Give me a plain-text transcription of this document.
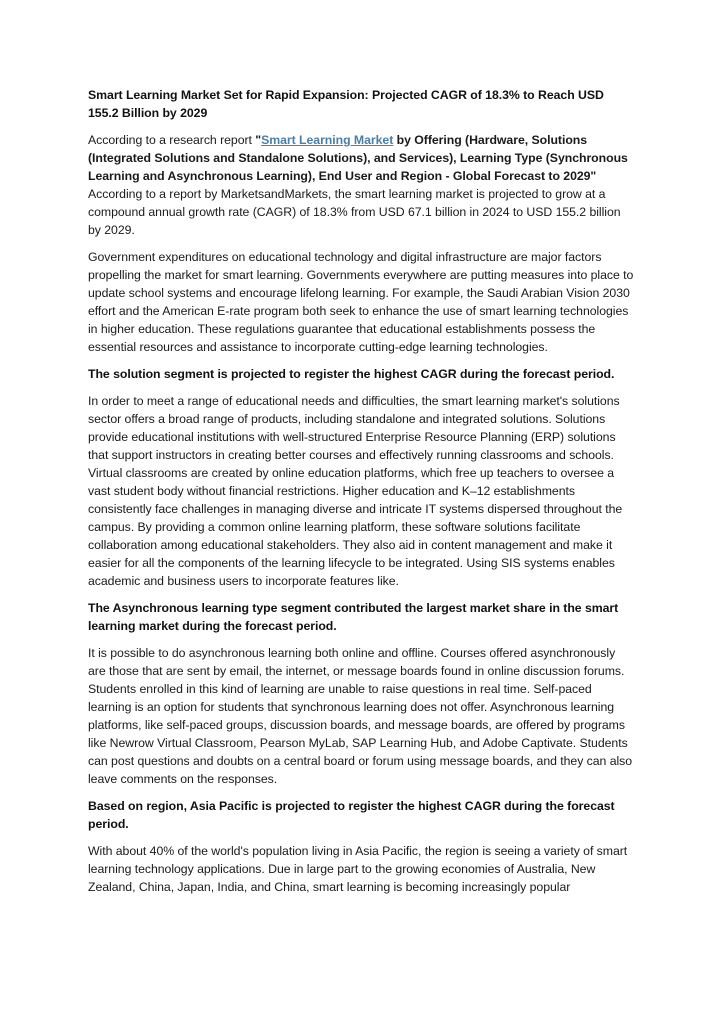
Smart Learning Market Set for Rapid Expansion: Projected CAGR of 18.3% to Reach USD 155.2 Billion by 2029

According to a research report "Smart Learning Market by Offering (Hardware, Solutions (Integrated Solutions and Standalone Solutions), and Services), Learning Type (Synchronous Learning and Asynchronous Learning), End User and Region - Global Forecast to 2029" According to a report by MarketsandMarkets, the smart learning market is projected to grow at a compound annual growth rate (CAGR) of 18.3% from USD 67.1 billion in 2024 to USD 155.2 billion by 2029.

Government expenditures on educational technology and digital infrastructure are major factors propelling the market for smart learning. Governments everywhere are putting measures into place to update school systems and encourage lifelong learning. For example, the Saudi Arabian Vision 2030 effort and the American E-rate program both seek to enhance the use of smart learning technologies in higher education. These regulations guarantee that educational establishments possess the essential resources and assistance to incorporate cutting-edge learning technologies.

The solution segment is projected to register the highest CAGR during the forecast period.

In order to meet a range of educational needs and difficulties, the smart learning market's solutions sector offers a broad range of products, including standalone and integrated solutions. Solutions provide educational institutions with well-structured Enterprise Resource Planning (ERP) solutions that support instructors in creating better courses and effectively running classrooms and schools. Virtual classrooms are created by online education platforms, which free up teachers to oversee a vast student body without financial restrictions. Higher education and K–12 establishments consistently face challenges in managing diverse and intricate IT systems dispersed throughout the campus. By providing a common online learning platform, these software solutions facilitate collaboration among educational stakeholders. They also aid in content management and make it easier for all the components of the learning lifecycle to be integrated. Using SIS systems enables academic and business users to incorporate features like.

The Asynchronous learning type segment contributed the largest market share in the smart learning market during the forecast period.

It is possible to do asynchronous learning both online and offline. Courses offered asynchronously are those that are sent by email, the internet, or message boards found in online discussion forums. Students enrolled in this kind of learning are unable to raise questions in real time. Self-paced learning is an option for students that synchronous learning does not offer. Asynchronous learning platforms, like self-paced groups, discussion boards, and message boards, are offered by programs like Newrow Virtual Classroom, Pearson MyLab, SAP Learning Hub, and Adobe Captivate. Students can post questions and doubts on a central board or forum using message boards, and they can also leave comments on the responses.

Based on region, Asia Pacific is projected to register the highest CAGR during the forecast period.

With about 40% of the world's population living in Asia Pacific, the region is seeing a variety of smart learning technology applications. Due in large part to the growing economies of Australia, New Zealand, China, Japan, India, and China, smart learning is becoming increasingly popular
